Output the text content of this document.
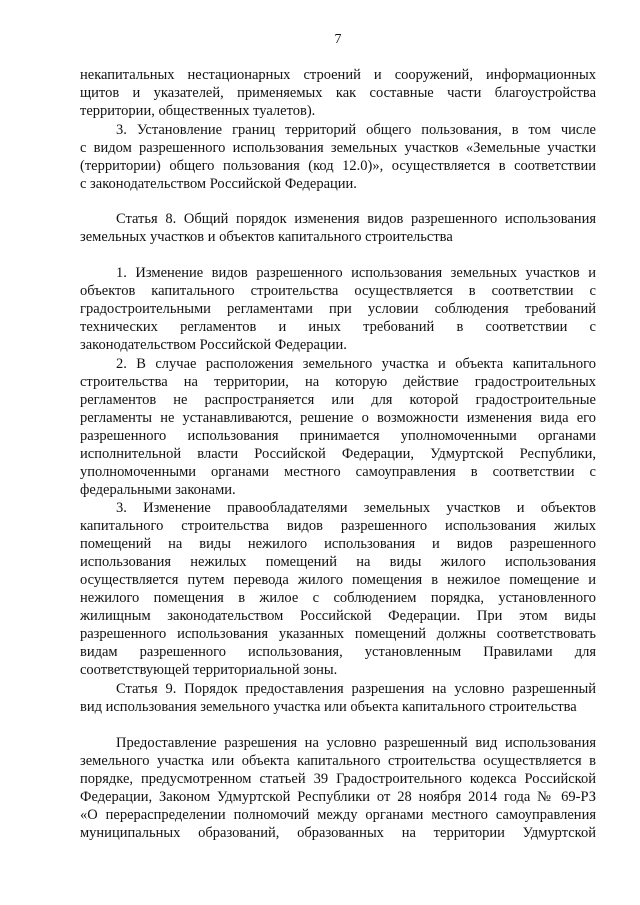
7
некапитальных нестационарных строений и сооружений, информационных
щитов и указателей, применяемых как составные части благоустройства
территории, общественных туалетов).
3. Установление границ территорий общего пользования, в том числе
с видом разрешенного использования земельных участков «Земельные участки
(территории) общего пользования (код 12.0)», осуществляется в соответствии
с законодательством Российской Федерации.
Статья 8. Общий порядок изменения видов разрешенного использования
земельных участков и объектов капитального строительства
1. Изменение видов разрешенного использования земельных участков и
объектов капитального строительства осуществляется в соответствии с
градостроительными регламентами при условии соблюдения требований
технических регламентов и иных требований в соответствии с
законодательством Российской Федерации.
2. В случае расположения земельного участка и объекта капитального
строительства на территории, на которую действие градостроительных
регламентов не распространяется или для которой градостроительные
регламенты не устанавливаются, решение о возможности изменения вида его
разрешенного использования принимается уполномоченными органами
исполнительной власти Российской Федерации, Удмуртской Республики,
уполномоченными органами местного самоуправления в соответствии с
федеральными законами.
3. Изменение правообладателями земельных участков и объектов
капитального строительства видов разрешенного использования жилых
помещений на виды нежилого использования и видов разрешенного
использования нежилых помещений на виды жилого использования
осуществляется путем перевода жилого помещения в нежилое помещение и
нежилого помещения в жилое с соблюдением порядка, установленного
жилищным законодательством Российской Федерации. При этом виды
разрешенного использования указанных помещений должны соответствовать
видам разрешенного использования, установленным Правилами для
соответствующей территориальной зоны.
Статья 9. Порядок предоставления разрешения на условно разрешенный
вид использования земельного участка или объекта капитального строительства
Предоставление разрешения на условно разрешенный вид использования
земельного участка или объекта капитального строительства осуществляется в
порядке, предусмотренном статьей 39 Градостроительного кодекса Российской
Федерации, Законом Удмуртской Республики от 28 ноября 2014 года № 69-РЗ
«О перераспределении полномочий между органами местного самоуправления
муниципальных образований, образованных на территории Удмуртской
